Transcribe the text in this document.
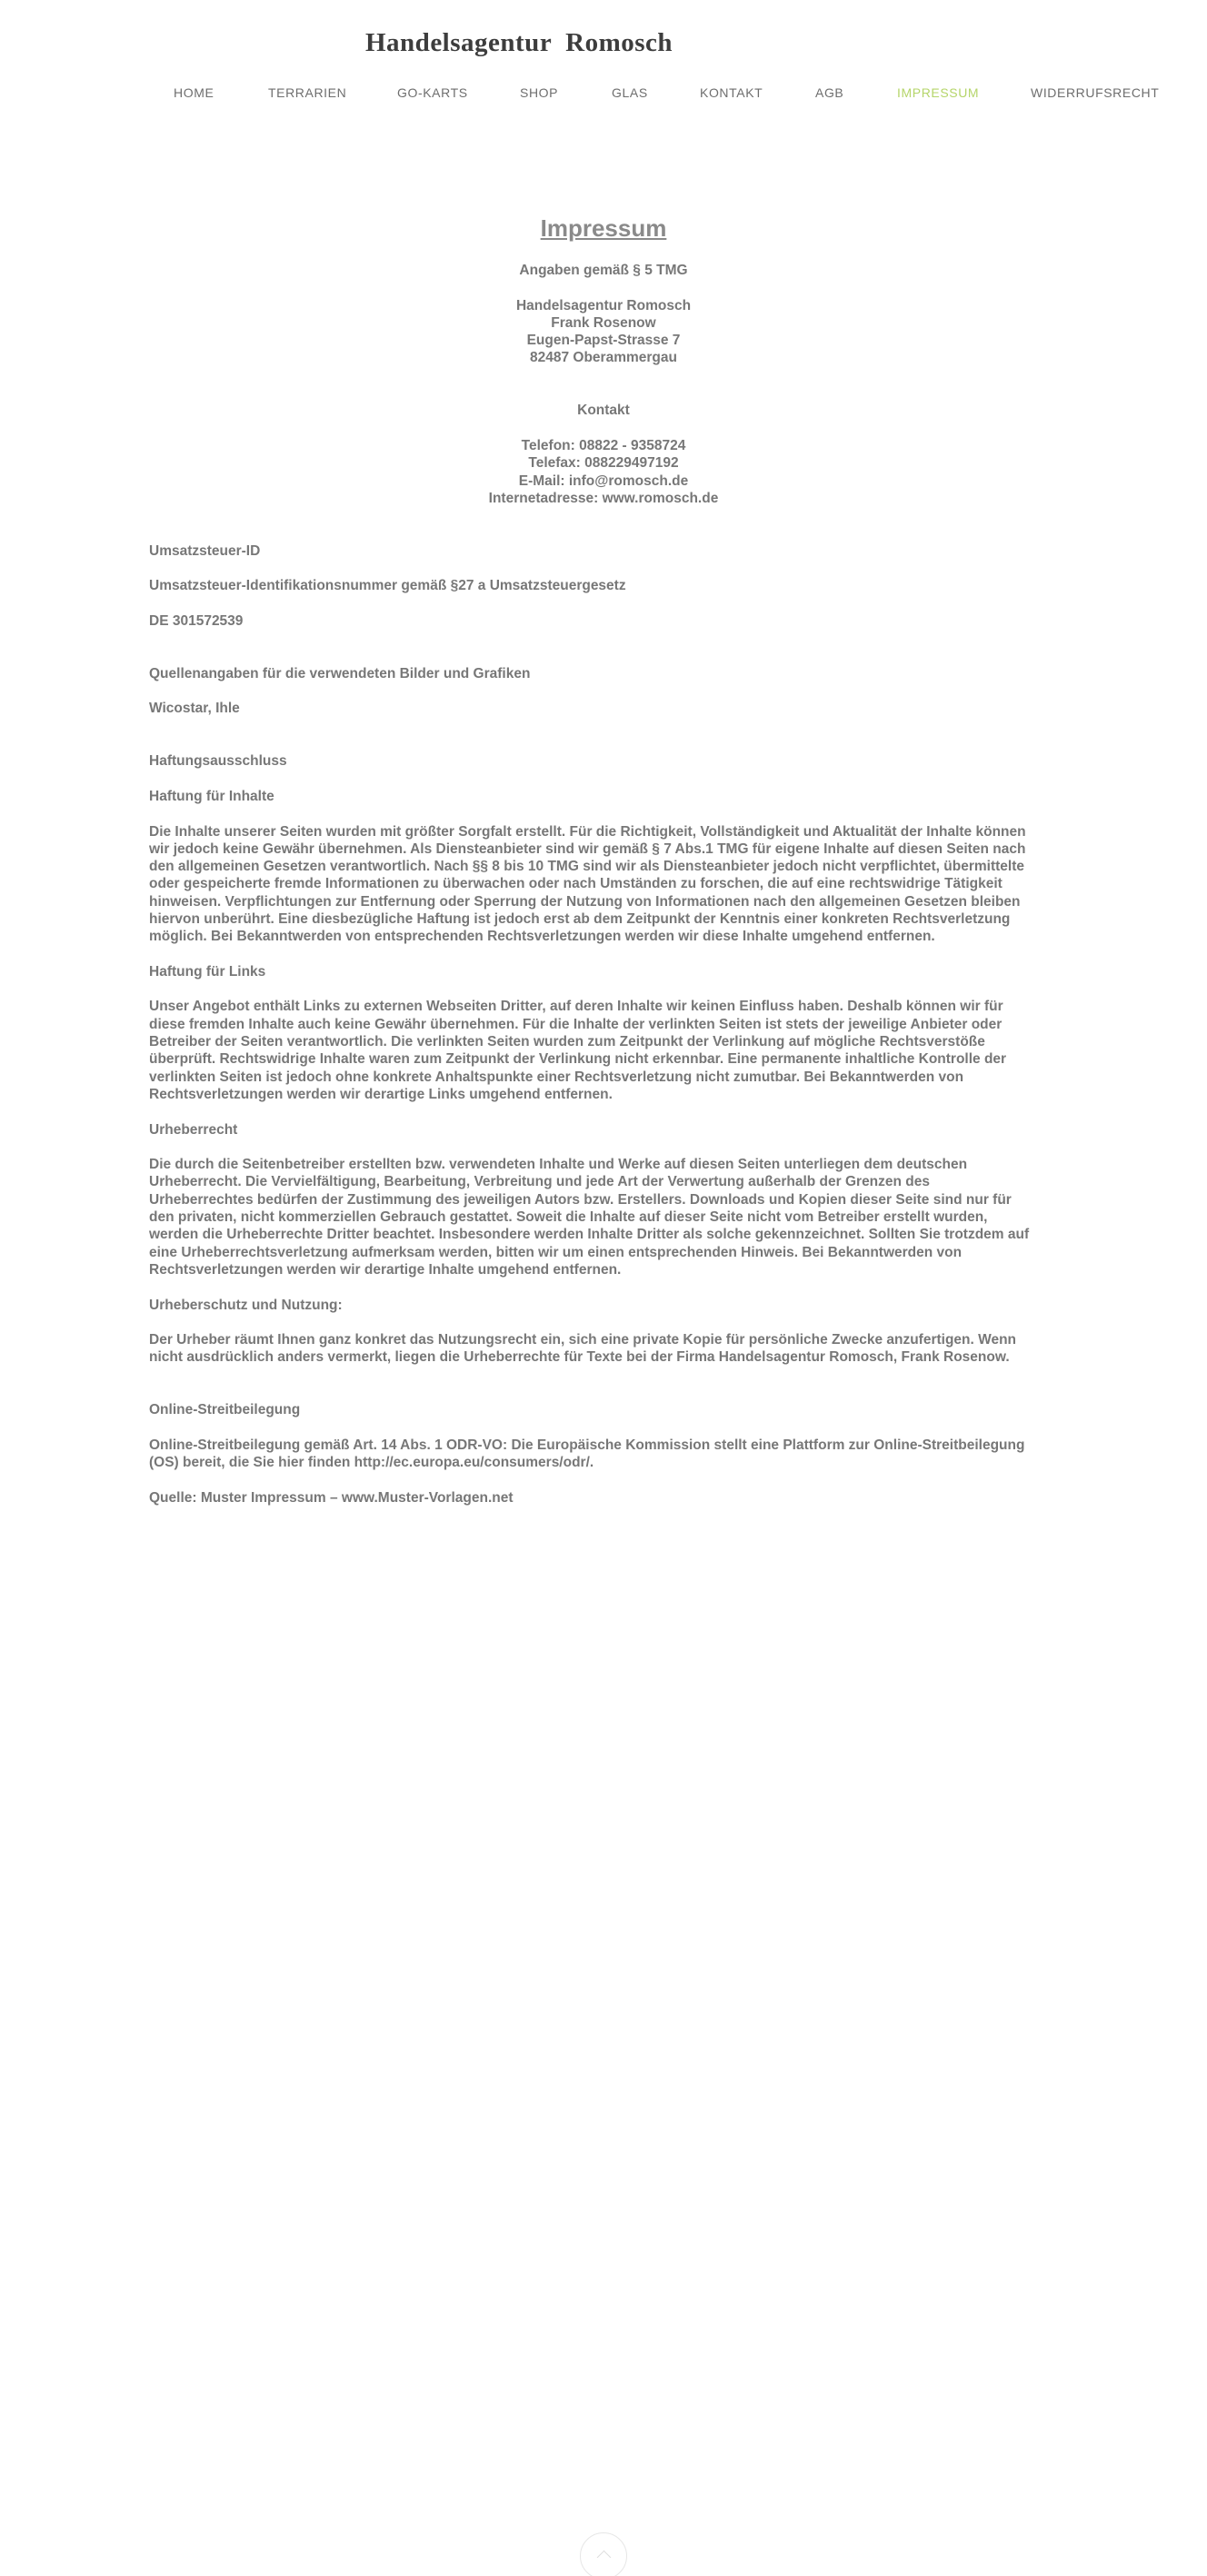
Handelsagentur  Romosch
HOME	TERRARIEN	GO-KARTS	SHOP	GLAS	KONTAKT	AGB	IMPRESSUM	WIDERRUFSRECHT
Impressum
Angaben gemäß § 5 TMG
Handelsagentur Romosch
Frank Rosenow
Eugen-Papst-Strasse 7
82487 Oberammergau
Kontakt
Telefon: 08822 - 9358724
Telefax: 088229497192
E-Mail: info@romosch.de
Internetadresse: www.romosch.de
Umsatzsteuer-ID
Umsatzsteuer-Identifikationsnummer gemäß §27 a Umsatzsteuergesetz
DE 301572539
Quellenangaben für die verwendeten Bilder und Grafiken
Wicostar, Ihle
Haftungsausschluss
Haftung für Inhalte
Die Inhalte unserer Seiten wurden mit größter Sorgfalt erstellt. Für die Richtigkeit, Vollständigkeit und Aktualität der Inhalte können
wir jedoch keine Gewähr übernehmen. Als Diensteanbieter sind wir gemäß § 7 Abs.1 TMG für eigene Inhalte auf diesen Seiten nach
den allgemeinen Gesetzen verantwortlich. Nach §§ 8 bis 10 TMG sind wir als Diensteanbieter jedoch nicht verpflichtet, übermittelte
oder gespeicherte fremde Informationen zu überwachen oder nach Umständen zu forschen, die auf eine rechtswidrige Tätigkeit
hinweisen. Verpflichtungen zur Entfernung oder Sperrung der Nutzung von Informationen nach den allgemeinen Gesetzen bleiben
hiervon unberührt. Eine diesbezügliche Haftung ist jedoch erst ab dem Zeitpunkt der Kenntnis einer konkreten Rechtsverletzung
möglich. Bei Bekanntwerden von entsprechenden Rechtsverletzungen werden wir diese Inhalte umgehend entfernen.
Haftung für Links
Unser Angebot enthält Links zu externen Webseiten Dritter, auf deren Inhalte wir keinen Einfluss haben. Deshalb können wir für
diese fremden Inhalte auch keine Gewähr übernehmen. Für die Inhalte der verlinkten Seiten ist stets der jeweilige Anbieter oder
Betreiber der Seiten verantwortlich. Die verlinkten Seiten wurden zum Zeitpunkt der Verlinkung auf mögliche Rechtsverstöße
überprüft. Rechtswidrige Inhalte waren zum Zeitpunkt der Verlinkung nicht erkennbar. Eine permanente inhaltliche Kontrolle der
verlinkten Seiten ist jedoch ohne konkrete Anhaltspunkte einer Rechtsverletzung nicht zumutbar. Bei Bekanntwerden von
Rechtsverletzungen werden wir derartige Links umgehend entfernen.
Urheberrecht
Die durch die Seitenbetreiber erstellten bzw. verwendeten Inhalte und Werke auf diesen Seiten unterliegen dem deutschen
Urheberrecht. Die Vervielfältigung, Bearbeitung, Verbreitung und jede Art der Verwertung außerhalb der Grenzen des
Urheberrechtes bedürfen der Zustimmung des jeweiligen Autors bzw. Erstellers. Downloads und Kopien dieser Seite sind nur für
den privaten, nicht kommerziellen Gebrauch gestattet. Soweit die Inhalte auf dieser Seite nicht vom Betreiber erstellt wurden,
werden die Urheberrechte Dritter beachtet. Insbesondere werden Inhalte Dritter als solche gekennzeichnet. Sollten Sie trotzdem auf
eine Urheberrechtsverletzung aufmerksam werden, bitten wir um einen entsprechenden Hinweis. Bei Bekanntwerden von
Rechtsverletzungen werden wir derartige Inhalte umgehend entfernen.
Urheberschutz und Nutzung:
Der Urheber räumt Ihnen ganz konkret das Nutzungsrecht ein, sich eine private Kopie für persönliche Zwecke anzufertigen. Wenn
nicht ausdrücklich anders vermerkt, liegen die Urheberrechte für Texte bei der Firma Handelsagentur Romosch, Frank Rosenow.
Online-Streitbeilegung
Online-Streitbeilegung gemäß Art. 14 Abs. 1 ODR-VO: Die Europäische Kommission stellt eine Plattform zur Online-Streitbeilegung
(OS) bereit, die Sie hier finden http://ec.europa.eu/consumers/odr/.
Quelle: Muster Impressum – www.Muster-Vorlagen.net
